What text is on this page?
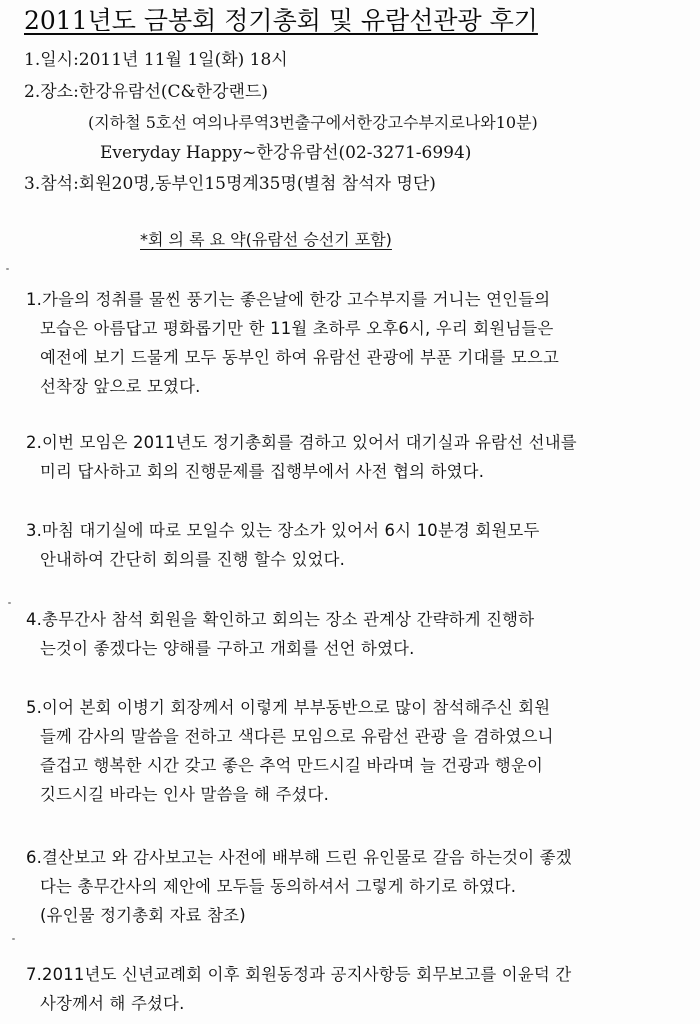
2011년도 금봉회 정기총회 및 유람선관광 후기
1.일시:2011년 11월 1일(화) 18시
2.장소:한강유람선(C&한강랜드)
(지하철 5호선 여의나루역3번출구에서한강고수부지로나와10분)
Everyday Happy~한강유람선(02-3271-6994)
3.참석:회원20명,동부인15명계35명(별첨 참석자 명단)
*회 의 록 요 약(유람선 승선기 포함)
1.가을의 정취를 물씬 풍기는 좋은날에 한강 고수부지를 거니는 연인들의
모습은 아름답고 평화롭기만 한 11월 초하루 오후6시, 우리 회원님들은
예전에 보기 드물게 모두 동부인 하여 유람선 관광에 부푼 기대를 모으고
선착장 앞으로 모였다.
2.이번 모임은 2011년도 정기총회를 겸하고 있어서 대기실과 유람선 선내를
미리 답사하고 회의 진행문제를 집행부에서 사전 협의 하였다.
3.마침 대기실에 따로 모일수 있는 장소가 있어서 6시 10분경 회원모두
안내하여 간단히 회의를 진행 할수 있었다.
4.총무간사 참석 회원을 확인하고 회의는 장소 관계상 간략하게 진행하
는것이 좋겠다는 양해를 구하고 개회를 선언 하였다.
5.이어 본회 이병기 회장께서 이렇게 부부동반으로 많이 참석해주신 회원
들께 감사의 말씀을 전하고 색다른 모임으로 유람선 관광 을 겸하였으니
즐겁고 행복한 시간 갖고 좋은 추억 만드시길 바라며 늘 건광과 행운이
깃드시길 바라는 인사 말씀을 해 주셨다.
6.결산보고 와 감사보고는 사전에 배부해 드린 유인물로 갈음 하는것이 좋겠
다는 총무간사의 제안에 모두들 동의하셔서 그렇게 하기로 하였다.
(유인물 정기총회 자료 참조)
7.2011년도 신년교례회 이후 회원동정과 공지사항등 회무보고를 이윤덕 간
사장께서 해 주셨다.
